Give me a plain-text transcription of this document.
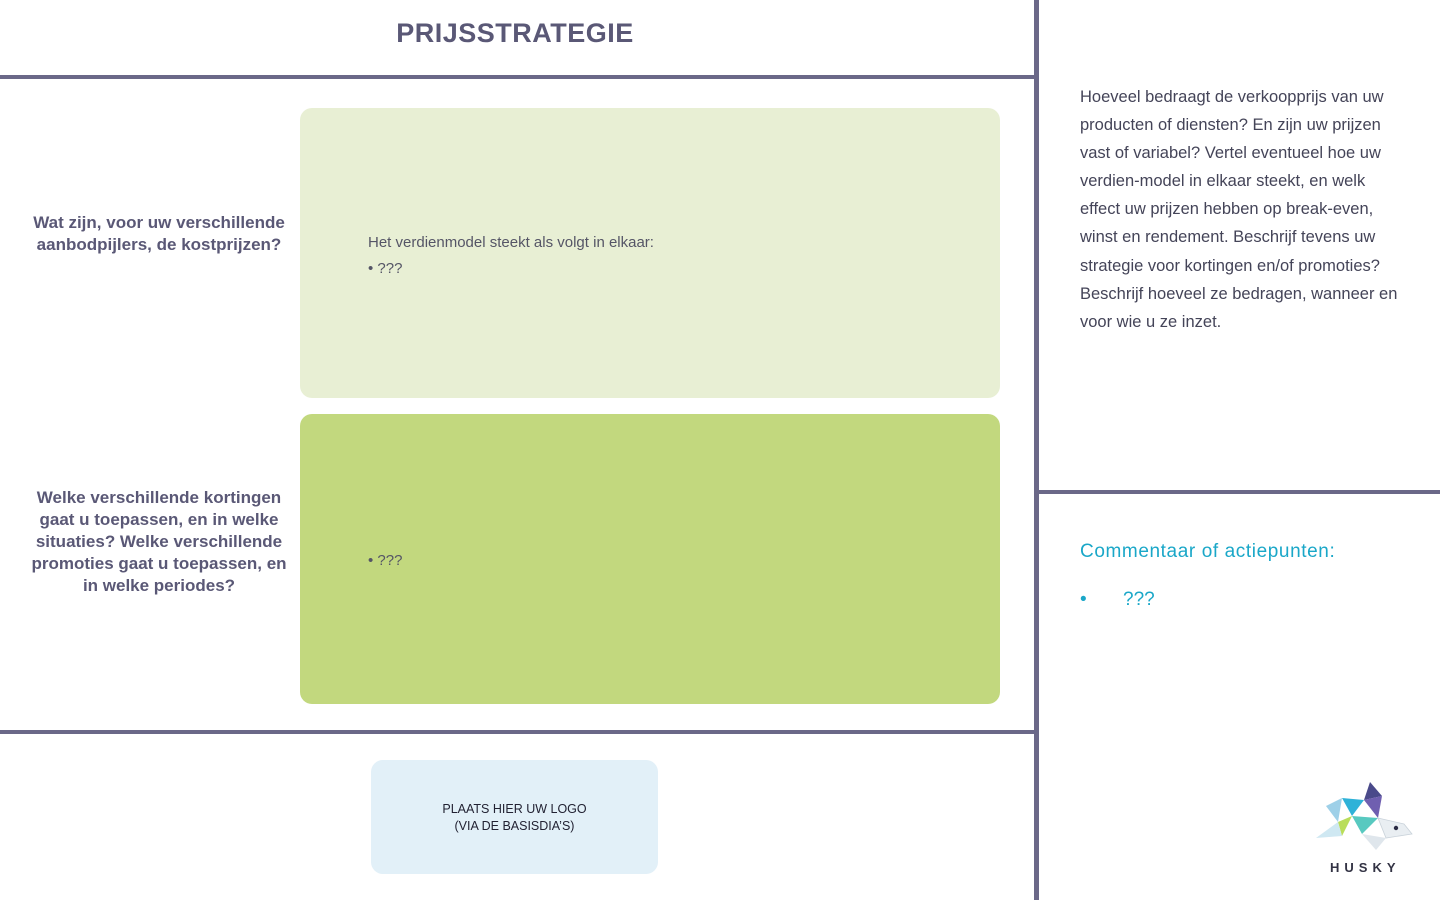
PRIJSSTRATEGIE
Wat zijn, voor uw verschillende aanbodpijlers, de kostprijzen?
Welke verschillende kortingen gaat u toepassen, en in welke situaties? Welke verschillende promoties gaat u toepassen, en in welke periodes?
Het verdienmodel steekt als volgt in elkaar:
• ???
• ???
Hoeveel bedraagt de verkoopprijs van uw producten of diensten? En zijn uw prijzen vast of variabel? Vertel eventueel hoe uw verdien-model in elkaar steekt, en welk effect uw prijzen hebben op break-even, winst en rendement. Beschrijf tevens uw strategie voor kortingen en/of promoties? Beschrijf hoeveel ze bedragen, wanneer en voor wie u ze inzet.
Commentaar of actiepunten:
• ???
PLAATS HIER UW LOGO
(VIA DE BASISDIA’S)
HUSKY
